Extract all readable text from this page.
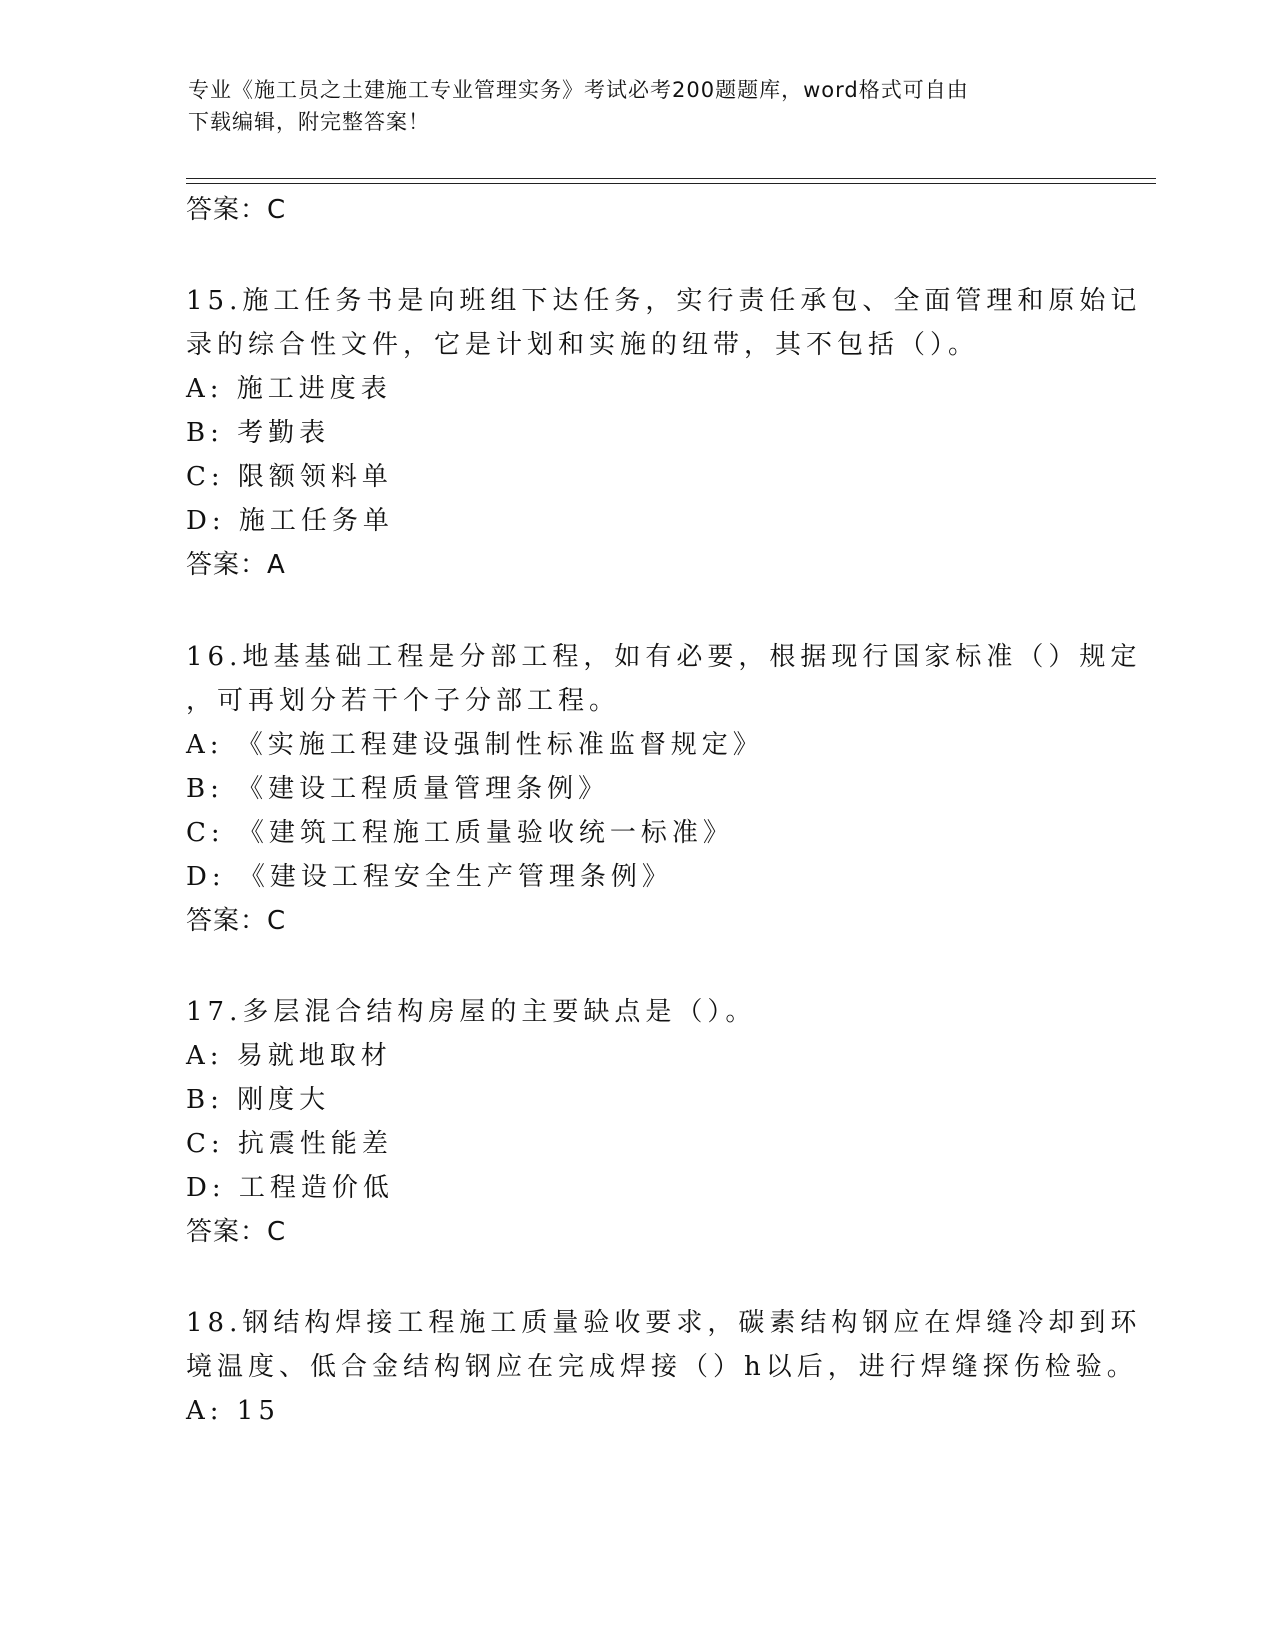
专业《施工员之土建施工专业管理实务》考试必考200题题库，word格式可自由
下载编辑，附完整答案！
答案：C
15.施工任务书是向班组下达任务，实行责任承包、全面管理和原始记
录的综合性文件，它是计划和实施的纽带，其不包括（）。
A: 施工进度表
B: 考勤表
C: 限额领料单
D: 施工任务单
答案：A
16.地基基础工程是分部工程，如有必要，根据现行国家标准（）规定
，可再划分若干个子分部工程。
A: 《实施工程建设强制性标准监督规定》
B: 《建设工程质量管理条例》
C: 《建筑工程施工质量验收统一标准》
D: 《建设工程安全生产管理条例》
答案：C
17.多层混合结构房屋的主要缺点是（）。
A: 易就地取材
B: 刚度大
C: 抗震性能差
D: 工程造价低
答案：C
18.钢结构焊接工程施工质量验收要求，碳素结构钢应在焊缝冷却到环
境温度、低合金结构钢应在完成焊接（）h以后，进行焊缝探伤检验。
A: 15
